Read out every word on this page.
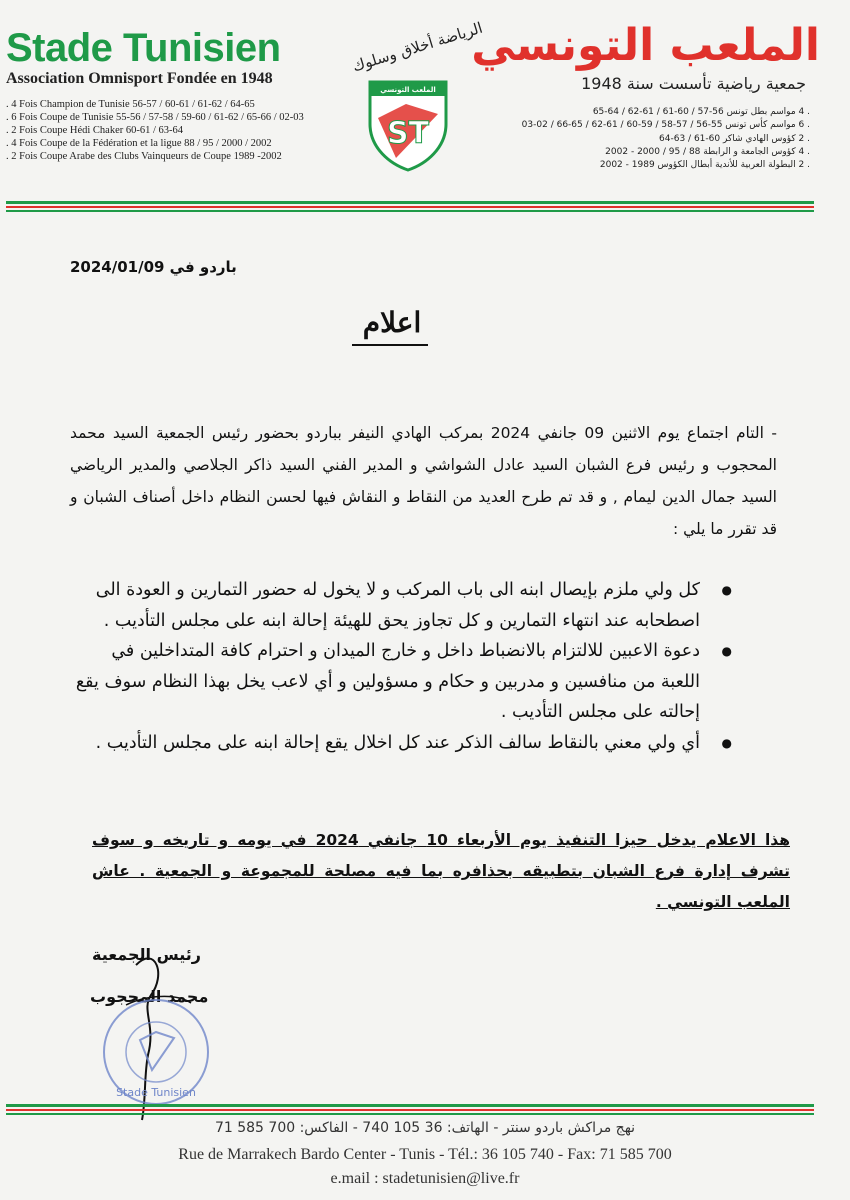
Stade Tunisien	الملعب التونسي
الرياضة أخلاق وسلوك
Association Omnisport Fondée en 1948	جمعية رياضية تأسست سنة 1948
. 4 Fois Champion de Tunisie 56-57 / 60-61 / 61-62 / 64-65
. 6 Fois Coupe de Tunisie 55-56 / 57-58 / 59-60 / 61-62 / 65-66 / 02-03
. 2 Fois Coupe Hédi Chaker 60-61 / 63-64
. 4 Fois Coupe de la Fédération et la ligue 88 / 95 / 2000 / 2002
. 2 Fois Coupe Arabe des Clubs Vainqueurs de Coupe 1989 -2002
. 4 مواسم بطل تونس 56-57 / 60-61 / 61-62 / 64-65
. 6 مواسم كأس تونس 55-56 / 57-58 / 59-60 / 61-62 / 65-66 / 02-03
. 2 كؤوس الهادي شاكر 60-61 / 63-64
. 4 كؤوس الجامعة و الرابطة 88 / 95 / 2000 - 2002
. 2 البطولة العربية للأندية أبطال الكؤوس 1989 - 2002
الملعب التونسي
ST
باردو في 2024/01/09
اعلام
- التام اجتماع يوم الاثنين 09 جانفي 2024 بمركب الهادي النيفر بباردو بحضور رئيس الجمعية السيد محمد المحجوب و رئيس فرع الشبان السيد عادل الشواشي و المدير الفني السيد ذاكر الجلاصي والمدير الرياضي السيد جمال الدين ليمام , و قد تم طرح العديد من النقاط و النقاش فيها لحسن النظام داخل أصناف الشبان و قد تقرر ما يلي :
● كل ولي ملزم بإيصال ابنه الى باب المركب و لا يخول له حضور التمارين و العودة الى اصطحابه عند انتهاء التمارين و كل تجاوز يحق للهيئة إحالة ابنه على مجلس التأديب .
● دعوة الاعبين للالتزام بالانضباط داخل و خارج الميدان و احترام كافة المتداخلين في اللعبة من منافسين و مدربين و حكام و مسؤولين و أي لاعب يخل بهذا النظام سوف يقع إحالته على مجلس التأديب .
● أي ولي معني بالنقاط سالف الذكر عند كل اخلال يقع إحالة ابنه على مجلس التأديب .
هذا الاعلام يدخل حيزا التنفيذ يوم الأربعاء 10 جانفي 2024 في يومه و تاريخه و سوف تشرف إدارة فرع الشبان بتطبيقه بحذافره بما فيه مصلحة للمجموعة و الجمعية . عاش الملعب التونسي .
رئيس الجمعية
محمد المحجوب
Stade Tunisien
نهج مراكش باردو سنتر - الهاتف: 36 105 740 - الفاكس: 700 585 71
Rue de Marrakech Bardo Center - Tunis - Tél.: 36 105 740 - Fax: 71 585 700
e.mail : stadetunisien@live.fr
